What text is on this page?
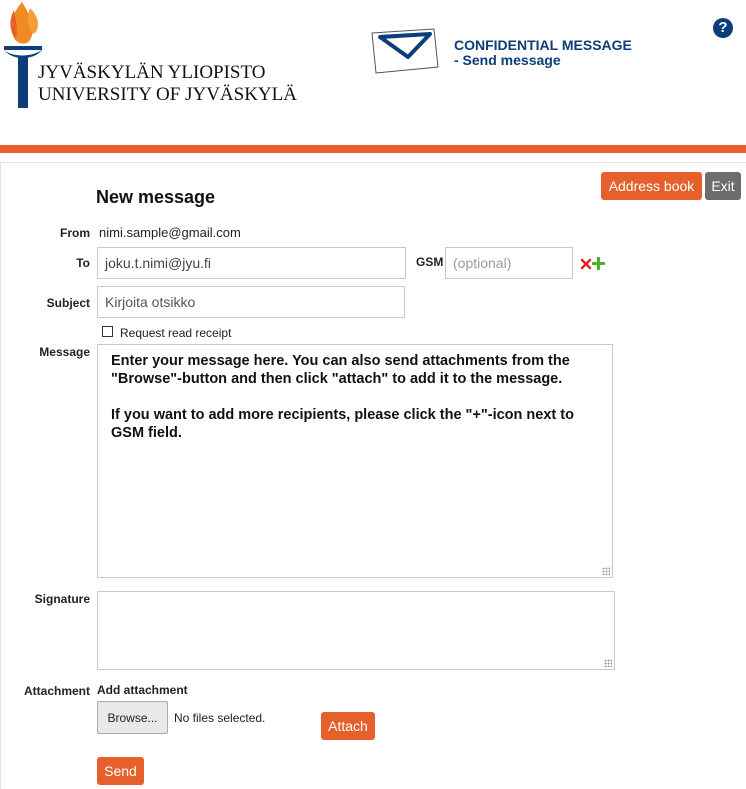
JYVÄSKYLÄN YLIOPISTO
UNIVERSITY OF JYVÄSKYLÄ
CONFIDENTIAL MESSAGE
- Send message
?
Address book	Exit
New message
From nimi.sample@gmail.com
To	joku.t.nimi@jyu.fi	GSM (optional)
Subject	Kirjoita otsikko
Request read receipt
Message
Enter your message here. You can also send attachments from the "Browse"-button and then click "attach" to add it to the message.
If you want to add more recipients, please click the "+"-icon next to GSM field.
Signature
Attachment Add attachment
Browse...	No files selected.	Attach
Send
